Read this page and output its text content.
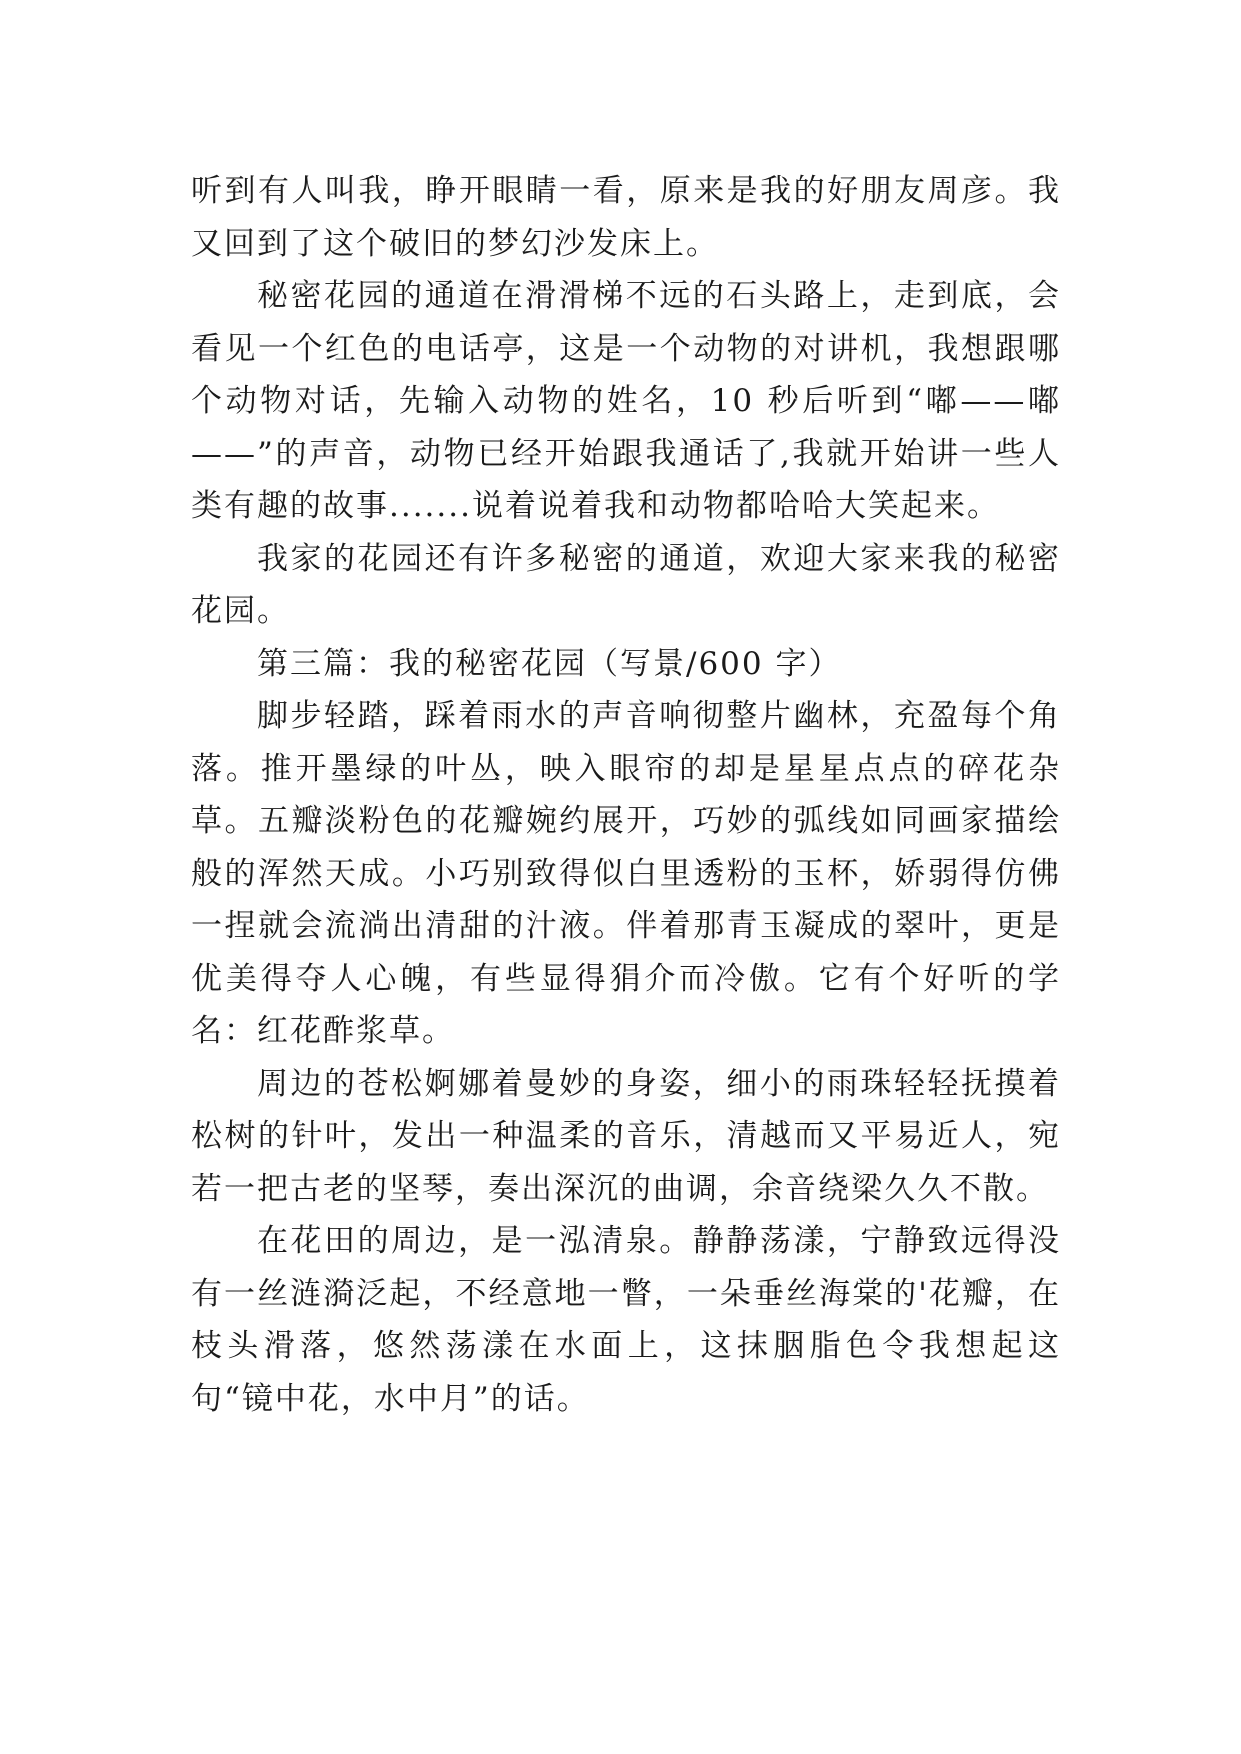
听到有人叫我，睁开眼睛一看，原来是我的好朋友周彦。我又回到了这个破旧的梦幻沙发床上。

秘密花园的通道在滑滑梯不远的石头路上，走到底，会看见一个红色的电话亭，这是一个动物的对讲机，我想跟哪个动物对话，先输入动物的姓名，10 秒后听到“嘟——嘟——”的声音，动物已经开始跟我通话了,我就开始讲一些人类有趣的故事.......说着说着我和动物都哈哈大笑起来。

我家的花园还有许多秘密的通道，欢迎大家来我的秘密花园。

第三篇：我的秘密花园（写景/600 字）

脚步轻踏，踩着雨水的声音响彻整片幽林，充盈每个角落。推开墨绿的叶丛，映入眼帘的却是星星点点的碎花杂草。五瓣淡粉色的花瓣婉约展开，巧妙的弧线如同画家描绘般的浑然天成。小巧别致得似白里透粉的玉杯，娇弱得仿佛一捏就会流淌出清甜的汁液。伴着那青玉凝成的翠叶，更是优美得夺人心魄，有些显得狷介而冷傲。它有个好听的学名：红花酢浆草。

周边的苍松婀娜着曼妙的身姿，细小的雨珠轻轻抚摸着松树的针叶，发出一种温柔的音乐，清越而又平易近人，宛若一把古老的坚琴，奏出深沉的曲调，余音绕梁久久不散。

在花田的周边，是一泓清泉。静静荡漾，宁静致远得没有一丝涟漪泛起，不经意地一瞥，一朵垂丝海棠的'花瓣，在枝头滑落，悠然荡漾在水面上，这抹胭脂色令我想起这句“镜中花，水中月”的话。
